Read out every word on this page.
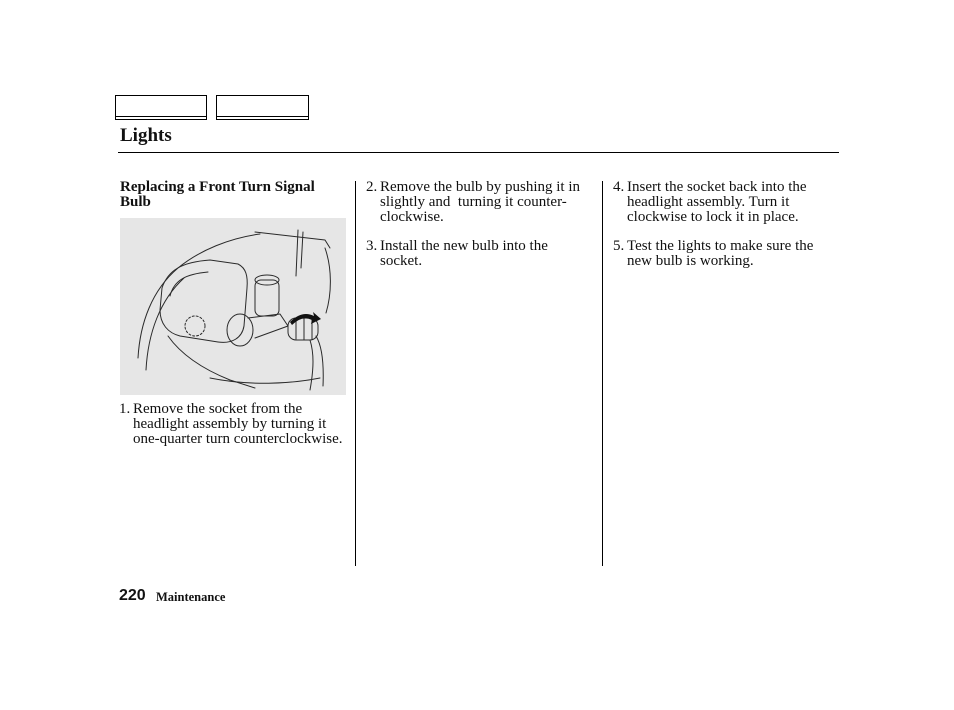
Lights
Replacing a Front Turn Signal
Bulb
1. Remove the socket from the
headlight assembly by turning it
one-quarter turn counterclockwise.
2. Remove the bulb by pushing it in
slightly and  turning it counter-
clockwise.
3. Install the new bulb into the
socket.
4. Insert the socket back into the
headlight assembly. Turn it
clockwise to lock it in place.
5. Test the lights to make sure the
new bulb is working.
220 Maintenance
